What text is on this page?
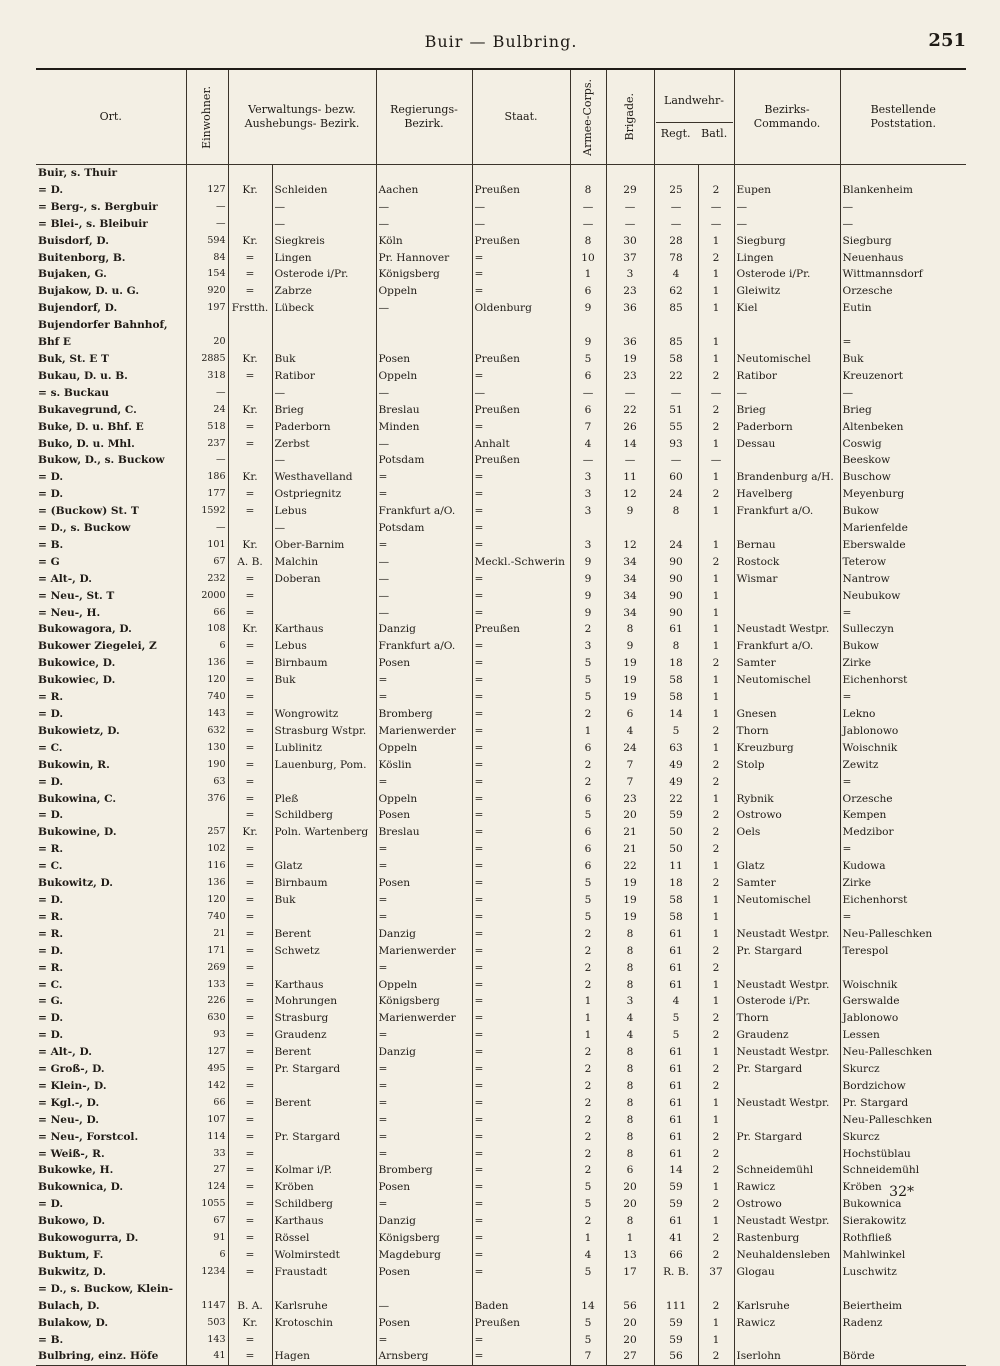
Buir — Bulbring.	251
Ort.	Einwohner.	Verwaltungs- bezw. Aushebungs- Bezirk.		Regierungs- Bezirk.	Staat.	Armee-Corps.	Brigade.	Landwehr-
Regt. Batl.		Bezirks- Commando.	Bestellende Poststation.
Buir, s. Thuir											
= D.	127	Kr.	Schleiden	Aachen	Preußen	8	29	25	2	Eupen	Blankenheim
= Berg-, s. Bergbuir	—		—	—	—	—	—	—	—	—	—
= Blei-, s. Bleibuir	—		—	—	—	—	—	—	—	—	—
Buisdorf, D.	594	Kr.	Siegkreis	Köln	Preußen	8	30	28	1	Siegburg	Siegburg
Buitenborg, B.	84	=	Lingen	Pr. Hannover	=	10	37	78	2	Lingen	Neuenhaus
Bujaken, G.	154	=	Osterode i/Pr.	Königsberg	=	1	3	4	1	Osterode i/Pr.	Wittmannsdorf
Bujakow, D. u. G.	920	=	Zabrze	Oppeln	=	6	23	62	1	Gleiwitz	Orzesche
Bujendorf, D.	197	Frstth.	Lübeck	—	Oldenburg	9	36	85	1	Kiel	Eutin
Bujendorfer Bahnhof,											
Bhf E	20					9	36	85	1		=
Buk, St. E T	2885	Kr.	Buk	Posen	Preußen	5	19	58	1	Neutomischel	Buk
Bukau, D. u. B.	318	=	Ratibor	Oppeln	=	6	23	22	2	Ratibor	Kreuzenort
= s. Buckau	—		—	—	—	—	—	—	—	—	—
Bukavegrund, C.	24	Kr.	Brieg	Breslau	Preußen	6	22	51	2	Brieg	Brieg
Buke, D. u. Bhf. E	518	=	Paderborn	Minden	=	7	26	55	2	Paderborn	Altenbeken
Buko, D. u. Mhl.	237	=	Zerbst	—	Anhalt	4	14	93	1	Dessau	Coswig
Bukow, D., s. Buckow	—		—	Potsdam	Preußen	—	—	—	—		Beeskow
= D.	186	Kr.	Westhavelland	=	=	3	11	60	1	Brandenburg a/H.	Buschow
= D.	177	=	Ostpriegnitz	=	=	3	12	24	2	Havelberg	Meyenburg
= (Buckow) St. T	1592	=	Lebus	Frankfurt a/O.	=	3	9	8	1	Frankfurt a/O.	Bukow
= D., s. Buckow	—		—	Potsdam	=						Marienfelde
= B.	101	Kr.	Ober-Barnim	=	=	3	12	24	1	Bernau	Eberswalde
= G	67	A. B.	Malchin	—	Meckl.-Schwerin	9	34	90	2	Rostock	Teterow
= Alt-, D.	232	=	Doberan	—	=	9	34	90	1	Wismar	Nantrow
= Neu-, St. T	2000	=		—	=	9	34	90	1		Neubukow
= Neu-, H.	66	=		—	=	9	34	90	1		=
Bukowagora, D.	108	Kr.	Karthaus	Danzig	Preußen	2	8	61	1	Neustadt Westpr.	Sulleczyn
Bukower Ziegelei, Z	6	=	Lebus	Frankfurt a/O.	=	3	9	8	1	Frankfurt a/O.	Bukow
Bukowice, D.	136	=	Birnbaum	Posen	=	5	19	18	2	Samter	Zirke
Bukowiec, D.	120	=	Buk	=	=	5	19	58	1	Neutomischel	Eichenhorst
= R.	740	=		=	=	5	19	58	1		=
= D.	143	=	Wongrowitz	Bromberg	=	2	6	14	1	Gnesen	Lekno
Bukowietz, D.	632	=	Strasburg Wstpr.	Marienwerder	=	1	4	5	2	Thorn	Jablonowo
= C.	130	=	Lublinitz	Oppeln	=	6	24	63	1	Kreuzburg	Woischnik
Bukowin, R.	190	=	Lauenburg, Pom.	Köslin	=	2	7	49	2	Stolp	Zewitz
= D.	63	=		=	=	2	7	49	2		=
Bukowina, C.	376	=	Pleß	Oppeln	=	6	23	22	1	Rybnik	Orzesche
= D.		=	Schildberg	Posen	=	5	20	59	2	Ostrowo	Kempen
Bukowine, D.	257	Kr.	Poln. Wartenberg	Breslau	=	6	21	50	2	Oels	Medzibor
= R.	102	=		=	=	6	21	50	2		=
= C.	116	=	Glatz	=	=	6	22	11	1	Glatz	Kudowa
Bukowitz, D.	136	=	Birnbaum	Posen	=	5	19	18	2	Samter	Zirke
= D.	120	=	Buk	=	=	5	19	58	1	Neutomischel	Eichenhorst
= R.	740	=		=	=	5	19	58	1		=
= R.	21	=	Berent	Danzig	=	2	8	61	1	Neustadt Westpr.	Neu-Palleschken
= D.	171	=	Schwetz	Marienwerder	=	2	8	61	2	Pr. Stargard	Terespol
= R.	269	=		=	=	2	8	61	2		
= C.	133	=	Karthaus	Oppeln	=	2	8	61	1	Neustadt Westpr.	Woischnik
= G.	226	=	Mohrungen	Königsberg	=	1	3	4	1	Osterode i/Pr.	Gerswalde
= D.	630	=	Strasburg	Marienwerder	=	1	4	5	2	Thorn	Jablonowo
= D.	93	=	Graudenz	=	=	1	4	5	2	Graudenz	Lessen
= Alt-, D.	127	=	Berent	Danzig	=	2	8	61	1	Neustadt Westpr.	Neu-Palleschken
= Groß-, D.	495	=	Pr. Stargard	=	=	2	8	61	2	Pr. Stargard	Skurcz
= Klein-, D.	142	=		=	=	2	8	61	2		Bordzichow
= Kgl.-, D.	66	=	Berent	=	=	2	8	61	1	Neustadt Westpr.	Pr. Stargard
= Neu-, D.	107	=		=	=	2	8	61	1		Neu-Palleschken
= Neu-, Forstcol.	114	=	Pr. Stargard	=	=	2	8	61	2	Pr. Stargard	Skurcz
= Weiß-, R.	33	=		=	=	2	8	61	2		Hochstüblau
Bukowke, H.	27	=	Kolmar i/P.	Bromberg	=	2	6	14	2	Schneidemühl	Schneidemühl
Bukownica, D.	124	=	Kröben	Posen	=	5	20	59	1	Rawicz	Kröben
= D.	1055	=	Schildberg	=	=	5	20	59	2	Ostrowo	Bukownica
Bukowo, D.	67	=	Karthaus	Danzig	=	2	8	61	1	Neustadt Westpr.	Sierakowitz
Bukowogurra, D.	91	=	Rössel	Königsberg	=	1	1	41	2	Rastenburg	Rothfließ
Buktum, F.	6	=	Wolmirstedt	Magdeburg	=	4	13	66	2	Neuhaldensleben	Mahlwinkel
Bukwitz, D.	1234	=	Fraustadt	Posen	=	5	17	R. B.	37	Glogau	Luschwitz
= D., s. Buckow, Klein-											
Bulach, D.	1147	B. A.	Karlsruhe	—	Baden	14	56	111	2	Karlsruhe	Beiertheim
Bulakow, D.	503	Kr.	Krotoschin	Posen	Preußen	5	20	59	1	Rawicz	Radenz
= B.	143	=		=	=	5	20	59	1		
Bulbring, einz. Höfe	41	=	Hagen	Arnsberg	=	7	27	56	2	Iserlohn	Börde
32*
